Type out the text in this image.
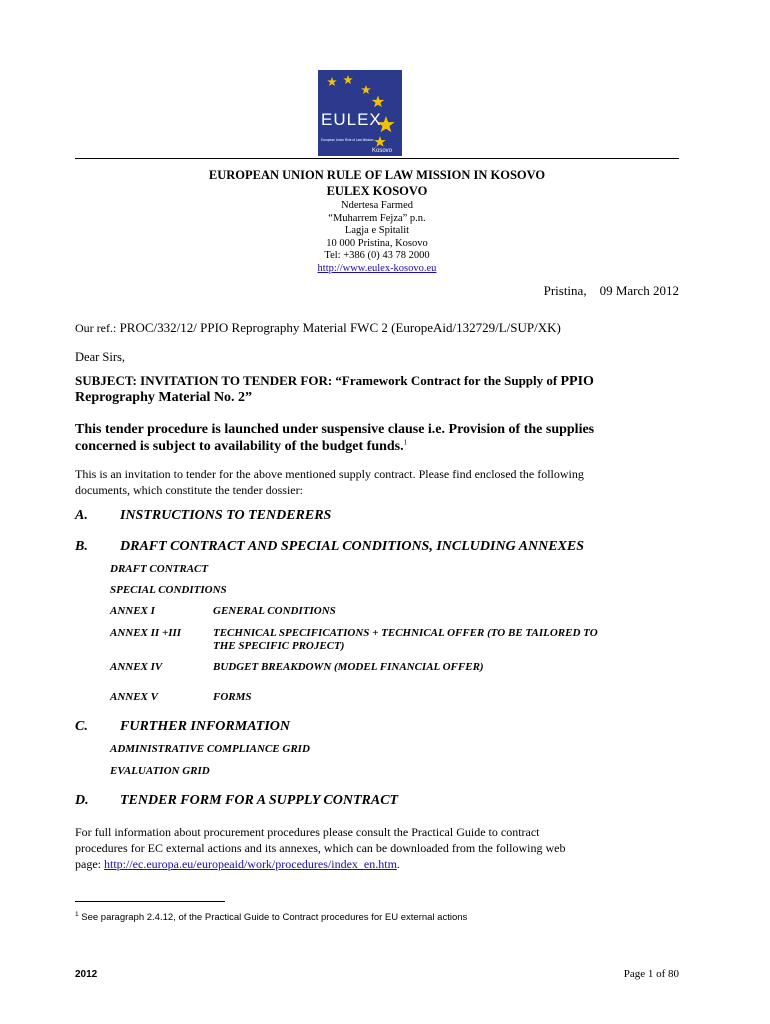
EULEX
European Union Rule of Law Mission
Kosovo
EUROPEAN UNION RULE OF LAW MISSION IN KOSOVO
EULEX KOSOVO
Ndertesa Farmed
“Muharrem Fejza” p.n.
Lagja e Spitalit
10 000 Pristina, Kosovo
Tel: +386 (0) 43 78 2000
http://www.eulex-kosovo.eu
Pristina,    09 March 2012
Our ref.: PROC/332/12/ PPIO Reprography Material FWC 2 (EuropeAid/132729/L/SUP/XK)
Dear Sirs,
SUBJECT: INVITATION TO TENDER FOR: “Framework Contract for the Supply of PPIO
Reprography Material No. 2”
This tender procedure is launched under suspensive clause i.e. Provision of the supplies
concerned is subject to availability of the budget funds.$^1$
This is an invitation to tender for the above mentioned supply contract. Please find enclosed the following
documents, which constitute the tender dossier:
A. INSTRUCTIONS TO TENDERERS
B. DRAFT CONTRACT AND SPECIAL CONDITIONS, INCLUDING ANNEXES
DRAFT CONTRACT
SPECIAL CONDITIONS
ANNEX I	GENERAL CONDITIONS
ANNEX II +III	TECHNICAL SPECIFICATIONS + TECHNICAL OFFER (TO BE TAILORED TO
THE SPECIFIC PROJECT)
ANNEX IV	BUDGET BREAKDOWN (MODEL FINANCIAL OFFER)
ANNEX V	FORMS
C. FURTHER INFORMATION
ADMINISTRATIVE COMPLIANCE GRID
EVALUATION GRID
D. TENDER FORM FOR A SUPPLY CONTRACT
For full information about procurement procedures please consult the Practical Guide to contract
procedures for EC external actions and its annexes, which can be downloaded from the following web
page: http://ec.europa.eu/europeaid/work/procedures/index_en.htm.
$^1$ See paragraph 2.4.12, of the Practical Guide to Contract procedures for EU external actions
2012	Page 1 of 80
